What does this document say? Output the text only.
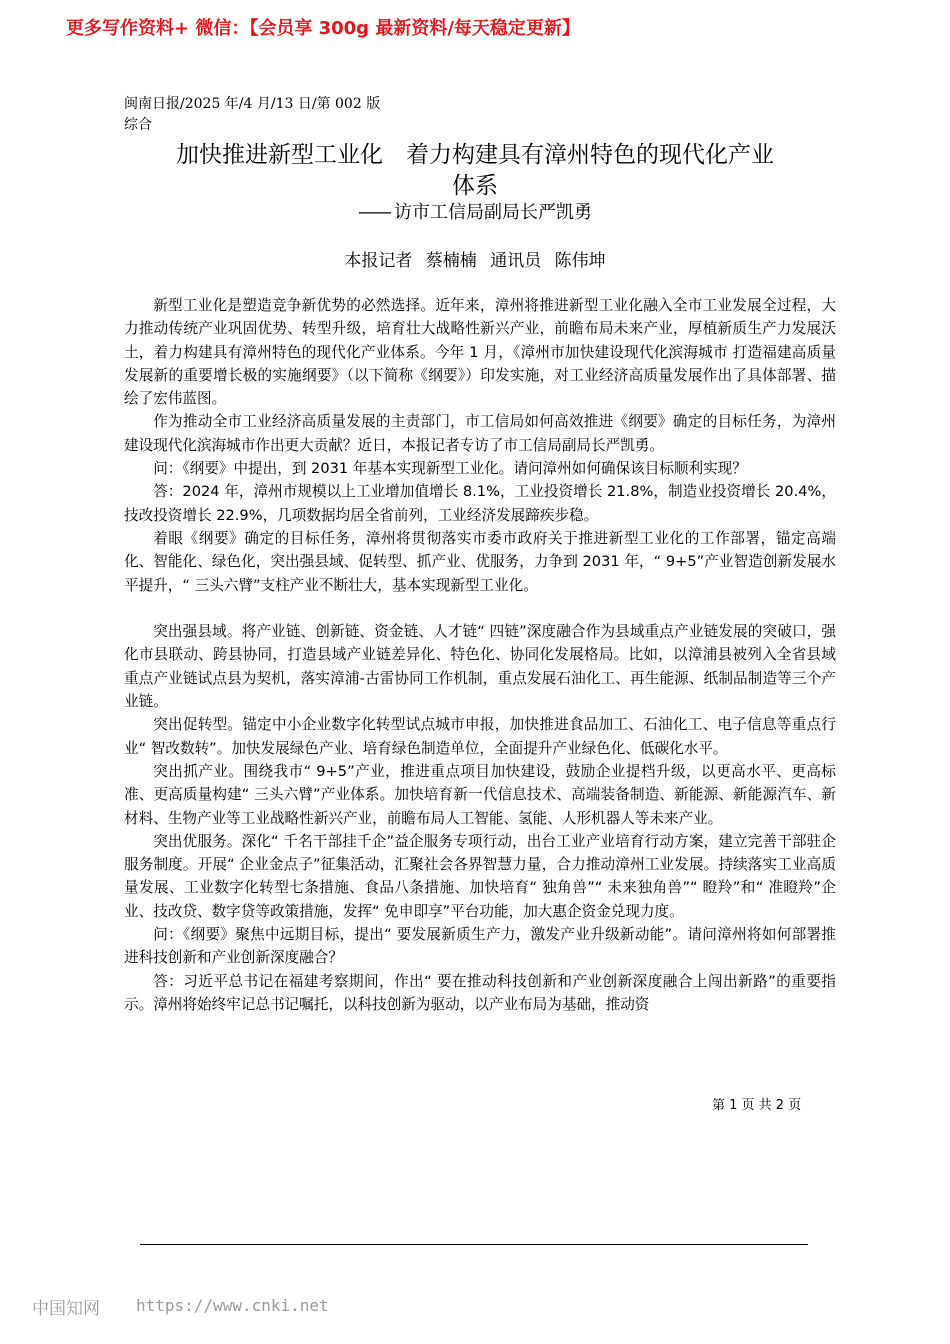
更多写作资料+ 微信：【会员享 300g 最新资料/每天稳定更新】
闽南日报/2025 年/4 月/13 日/第 002 版综合
加快推进新型工业化　着力构建具有漳州特色的现代化产业
体系
—— 访市工信局副局长严凯勇
本报记者 蔡楠楠 通讯员 陈伟坤

新型工业化是塑造竞争新优势的必然选择。近年来，漳州将推进新型工业化融入全市工业发展全过程，大力推动传统产业巩固优势、转型升级，培育壮大战略性新兴产业，前瞻布局未来产业，厚植新质生产力发展沃土，着力构建具有漳州特色的现代化产业体系。今年 1 月，《漳州市加快建设现代化滨海城市 打造福建高质量发展新的重要增长极的实施纲要》（以下简称《纲要》）印发实施，对工业经济高质量发展作出了具体部署、描绘了宏伟蓝图。

作为推动全市工业经济高质量发展的主责部门，市工信局如何高效推进《纲要》确定的目标任务，为漳州建设现代化滨海城市作出更大贡献？近日，本报记者专访了市工信局副局长严凯勇。

问：《纲要》中提出，到 2031 年基本实现新型工业化。请问漳州如何确保该目标顺利实现？

答：2024 年，漳州市规模以上工业增加值增长 8.1%，工业投资增长 21.8%，制造业投资增长 20.4%，技改投资增长 22.9%，几项数据均居全省前列，工业经济发展蹄疾步稳。

着眼《纲要》确定的目标任务，漳州将贯彻落实市委市政府关于推进新型工业化的工作部署，锚定高端化、智能化、绿色化，突出强县域、促转型、抓产业、优服务，力争到 2031 年，“ 9+5”产业智造创新发展水平提升，“ 三头六臂”支柱产业不断壮大，基本实现新型工业化。

突出强县域。将产业链、创新链、资金链、人才链“ 四链”深度融合作为县域重点产业链发展的突破口，强化市县联动、跨县协同，打造县域产业链差异化、特色化、协同化发展格局。比如，以漳浦县被列入全省县域重点产业链试点县为契机，落实漳浦-古雷协同工作机制，重点发展石油化工、再生能源、纸制品制造等三个产业链。

突出促转型。锚定中小企业数字化转型试点城市申报，加快推进食品加工、石油化工、电子信息等重点行业“ 智改数转”。加快发展绿色产业、培育绿色制造单位，全面提升产业绿色化、低碳化水平。

突出抓产业。围绕我市“ 9+5”产业，推进重点项目加快建设，鼓励企业提档升级，以更高水平、更高标准、更高质量构建“ 三头六臂”产业体系。加快培育新一代信息技术、高端装备制造、新能源、新能源汽车、新材料、生物产业等工业战略性新兴产业，前瞻布局人工智能、氢能、人形机器人等未来产业。

突出优服务。深化“ 千名干部挂千企”益企服务专项行动，出台工业产业培育行动方案，建立完善干部驻企服务制度。开展“ 企业金点子”征集活动，汇聚社会各界智慧力量，合力推动漳州工业发展。持续落实工业高质量发展、工业数字化转型七条措施、食品八条措施、加快培育“ 独角兽”“ 未来独角兽”“ 瞪羚”和“ 准瞪羚”企业、技改贷、数字贷等政策措施，发挥“ 免申即享”平台功能，加大惠企资金兑现力度。

问：《纲要》聚焦中远期目标，提出“ 要发展新质生产力，激发产业升级新动能”。请问漳州将如何部署推进科技创新和产业创新深度融合？

答：习近平总书记在福建考察期间，作出“ 要在推动科技创新和产业创新深度融合上闯出新路”的重要指示。漳州将始终牢记总书记嘱托，以科技创新为驱动，以产业布局为基础，推动资

第 1 页 共 2 页
中国知网 https://www.cnki.net
